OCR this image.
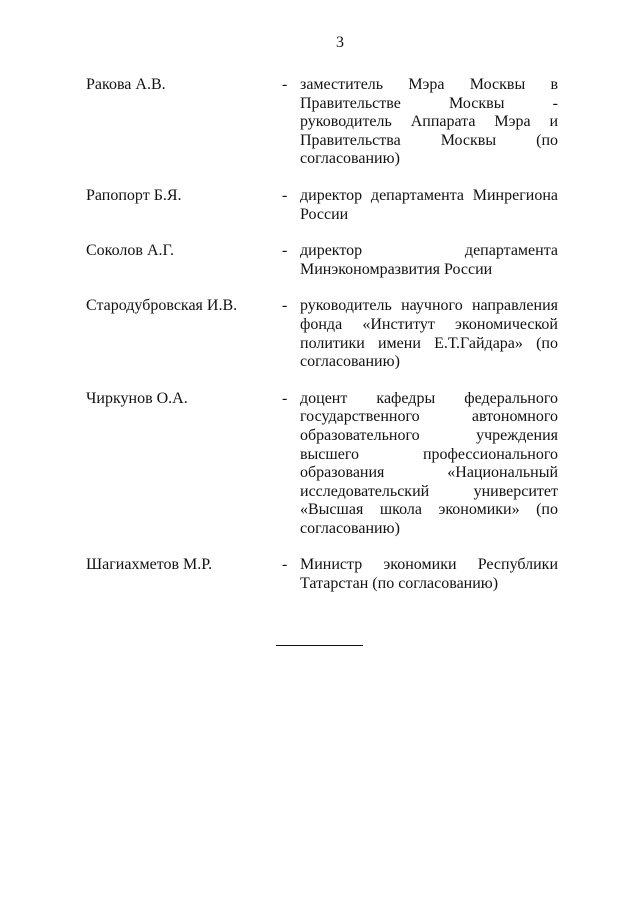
3
Ракова А.В.	- заместитель Мэра Москвы в Правительстве Москвы - руководитель Аппарата Мэра и Правительства Москвы (по согласованию)
Рапопорт Б.Я.	- директор департамента Минрегиона России
Соколов А.Г.	- директор департамента Минэкономразвития России
Стародубровская И.В.	- руководитель научного направления фонда «Институт экономической политики имени Е.Т.Гайдара» (по согласованию)
Чиркунов О.А.	- доцент кафедры федерального государственного автономного образовательного учреждения высшего профессионального образования «Национальный исследовательский университет «Высшая школа экономики» (по согласованию)
Шагиахметов М.Р.	- Министр экономики Республики Татарстан (по согласованию)
